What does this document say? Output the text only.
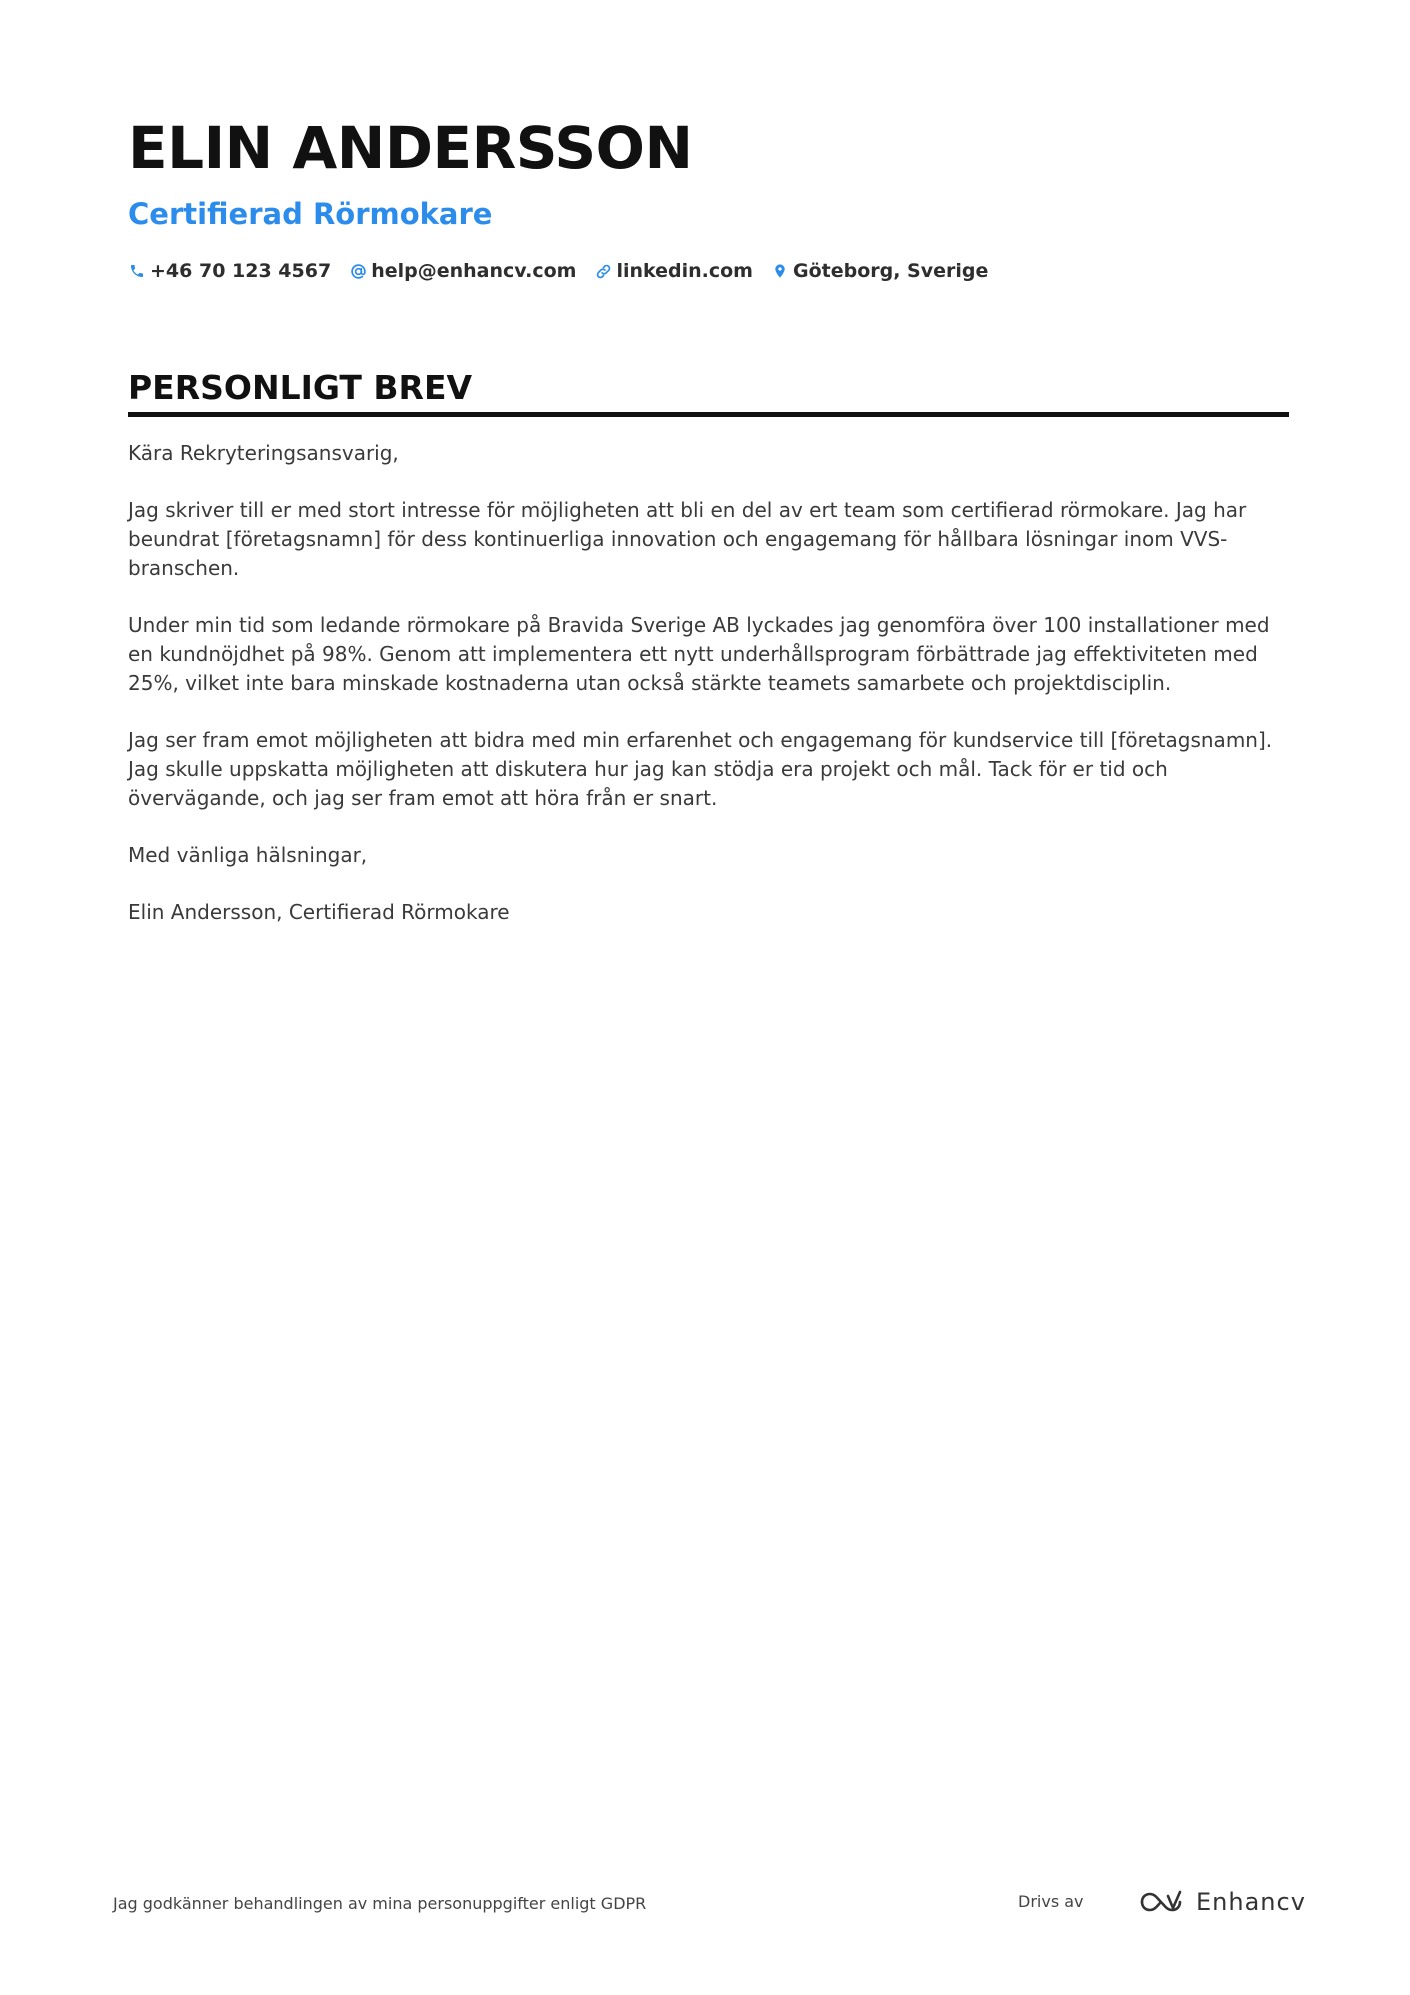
ELIN ANDERSSON
Certifierad Rörmokare
+46 70 123 4567 help@enhancv.com linkedin.com Göteborg, Sverige
PERSONLIGT BREV

Kära Rekryteringsansvarig,

Jag skriver till er med stort intresse för möjligheten att bli en del av ert team som certifierad rörmokare. Jag har beundrat [företagsnamn] för dess kontinuerliga innovation och engagemang för hållbara lösningar inom VVS-branschen.

Under min tid som ledande rörmokare på Bravida Sverige AB lyckades jag genomföra över 100 installationer med en kundnöjdhet på 98%. Genom att implementera ett nytt underhållsprogram förbättrade jag effektiviteten med 25%, vilket inte bara minskade kostnaderna utan också stärkte teamets samarbete och projektdisciplin.

Jag ser fram emot möjligheten att bidra med min erfarenhet och engagemang för kundservice till [företagsnamn]. Jag skulle uppskatta möjligheten att diskutera hur jag kan stödja era projekt och mål. Tack för er tid och övervägande, och jag ser fram emot att höra från er snart.

Med vänliga hälsningar,

Elin Andersson, Certifierad Rörmokare

Jag godkänner behandlingen av mina personuppgifter enligt GDPR	Drivs av	Enhancv
